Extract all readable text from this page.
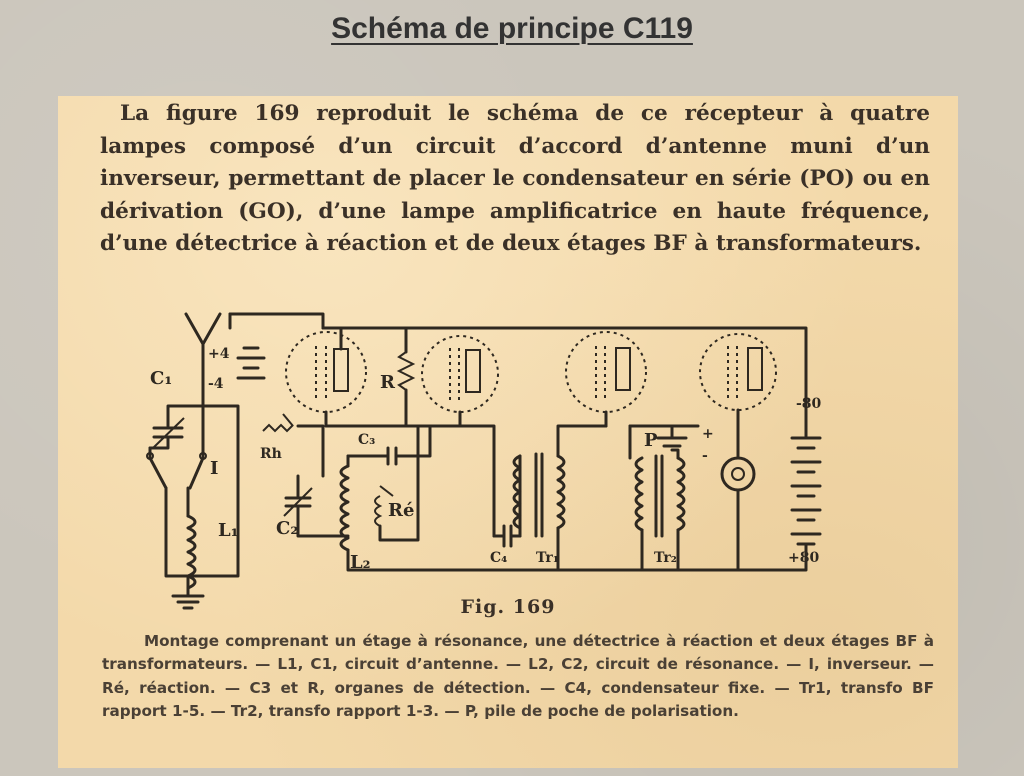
Schéma de principe C119

La figure 169 reproduit le schéma de ce récepteur à quatre lampes composé d’un circuit d’accord d’antenne muni d’un inverseur, permettant de placer le condensateur en série (PO) ou en dérivation (GO), d’une lampe amplificatrice en haute fréquence, d’une détectrice à réaction et de deux étages BF à transformateurs.

C₁
I
L₁
+4
-4
Rh
R
C₃
L₂
C₂
Ré
C₄ Tr₁
P	+
-
Tr₂
-80
+80

Fig. 169

Montage comprenant un étage à résonance, une détectrice à réaction et deux étages BF à transformateurs. — L1, C1, circuit d’antenne. — L2, C2, circuit de résonance. — I, inverseur. — Ré, réaction. — C3 et R, organes de détection. — C4, condensateur fixe. — Tr1, transfo BF rapport 1-5. — Tr2, transfo rapport 1-3. — P, pile de poche de polarisation.
